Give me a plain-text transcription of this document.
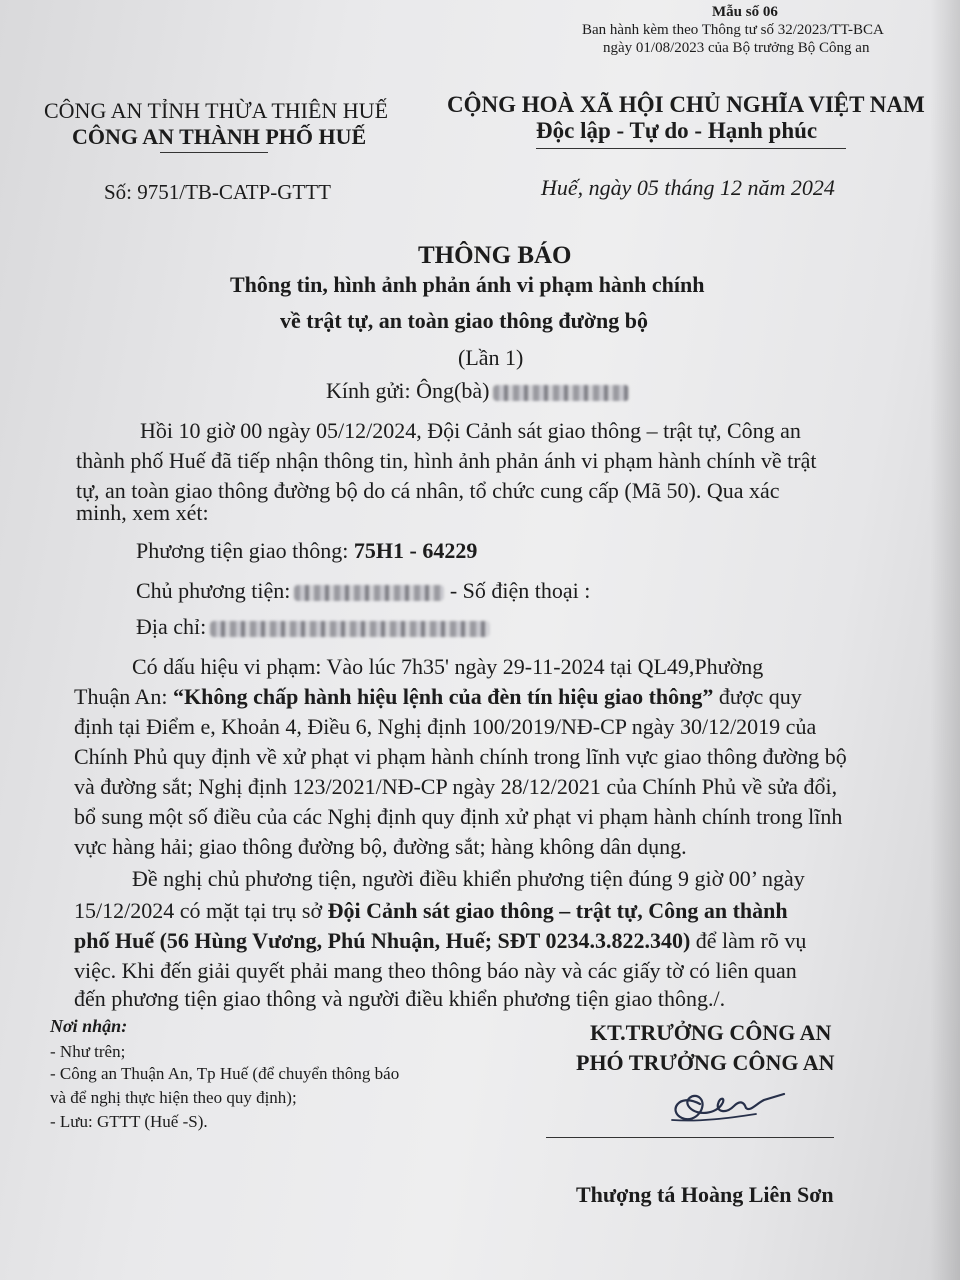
Mẫu số 06
Ban hành kèm theo Thông tư số 32/2023/TT-BCA
ngày 01/08/2023 của Bộ trưởng Bộ Công an
CÔNG AN TỈNH THỪA THIÊN HUẾ
CÔNG AN THÀNH PHỐ HUẾ
CỘNG HOÀ XÃ HỘI CHỦ NGHĨA VIỆT NAM
Độc lập - Tự do - Hạnh phúc
Số: 9751/TB-CATP-GTTT	Huế, ngày 05 tháng 12 năm 2024
THÔNG BÁO
Thông tin, hình ảnh phản ánh vi phạm hành chính
về trật tự, an toàn giao thông đường bộ
(Lần 1)
Kính gửi: Ông(bà)
Hồi 10 giờ 00 ngày 05/12/2024, Đội Cảnh sát giao thông – trật tự, Công an
thành phố Huế đã tiếp nhận thông tin, hình ảnh phản ánh vi phạm hành chính về trật
tự, an toàn giao thông đường bộ do cá nhân, tổ chức cung cấp (Mã 50). Qua xác
minh, xem xét:
Phương tiện giao thông: 75H1 - 64229
Chủ phương tiện:	- Số điện thoại :
Địa chỉ:
Có dấu hiệu vi phạm: Vào lúc 7h35' ngày 29-11-2024 tại QL49,Phường
Thuận An: “Không chấp hành hiệu lệnh của đèn tín hiệu giao thông” được quy
định tại Điểm e, Khoản 4, Điều 6, Nghị định 100/2019/NĐ-CP ngày 30/12/2019 của
Chính Phủ quy định về xử phạt vi phạm hành chính trong lĩnh vực giao thông đường bộ
và đường sắt; Nghị định 123/2021/NĐ-CP ngày 28/12/2021 của Chính Phủ về sửa đổi,
bổ sung một số điều của các Nghị định quy định xử phạt vi phạm hành chính trong lĩnh
vực hàng hải; giao thông đường bộ, đường sắt; hàng không dân dụng.
Đề nghị chủ phương tiện, người điều khiển phương tiện đúng 9 giờ 00’ ngày
15/12/2024 có mặt tại trụ sở Đội Cảnh sát giao thông – trật tự, Công an thành
phố Huế (56 Hùng Vương, Phú Nhuận, Huế; SĐT 0234.3.822.340) để làm rõ vụ
việc. Khi đến giải quyết phải mang theo thông báo này và các giấy tờ có liên quan
đến phương tiện giao thông và người điều khiển phương tiện giao thông./.
Nơi nhận:
- Như trên;
- Công an Thuận An, Tp Huế (để chuyển thông báo
và để nghị thực hiện theo quy định);
- Lưu: GTTT (Huế -S).
KT.TRƯỞNG CÔNG AN
PHÓ TRƯỞNG CÔNG AN
Thượng tá Hoàng Liên Sơn
